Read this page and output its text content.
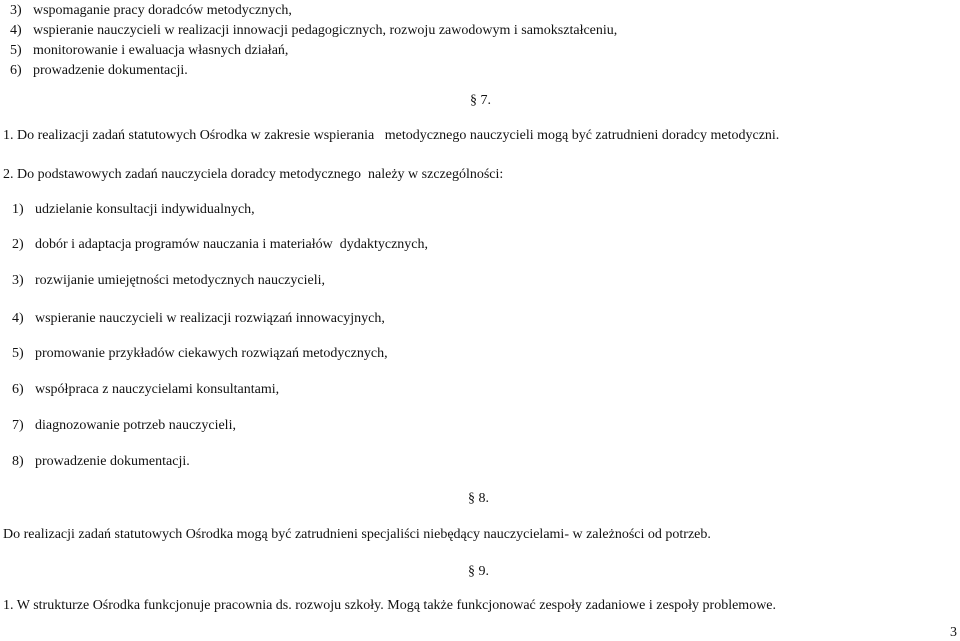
3) wspomaganie pracy doradców metodycznych,
4) wspieranie nauczycieli w realizacji innowacji pedagogicznych, rozwoju zawodowym i samokształceniu,
5) monitorowanie i ewaluacja własnych działań,
6) prowadzenie dokumentacji.
§ 7.
1. Do realizacji zadań statutowych Ośrodka w zakresie wspierania   metodycznego nauczycieli mogą być zatrudnieni doradcy metodyczni.
2. Do podstawowych zadań nauczyciela doradcy metodycznego  należy w szczególności:
1) udzielanie konsultacji indywidualnych,
2) dobór i adaptacja programów nauczania i materiałów  dydaktycznych,
3) rozwijanie umiejętności metodycznych nauczycieli,
4) wspieranie nauczycieli w realizacji rozwiązań innowacyjnych,
5) promowanie przykładów ciekawych rozwiązań metodycznych,
6) współpraca z nauczycielami konsultantami,
7) diagnozowanie potrzeb nauczycieli,
8) prowadzenie dokumentacji.
§ 8.
Do realizacji zadań statutowych Ośrodka mogą być zatrudnieni specjaliści niebędący nauczycielami- w zależności od potrzeb.
§ 9.
1. W strukturze Ośrodka funkcjonuje pracownia ds. rozwoju szkoły. Mogą także funkcjonować zespoły zadaniowe i zespoły problemowe.
3
